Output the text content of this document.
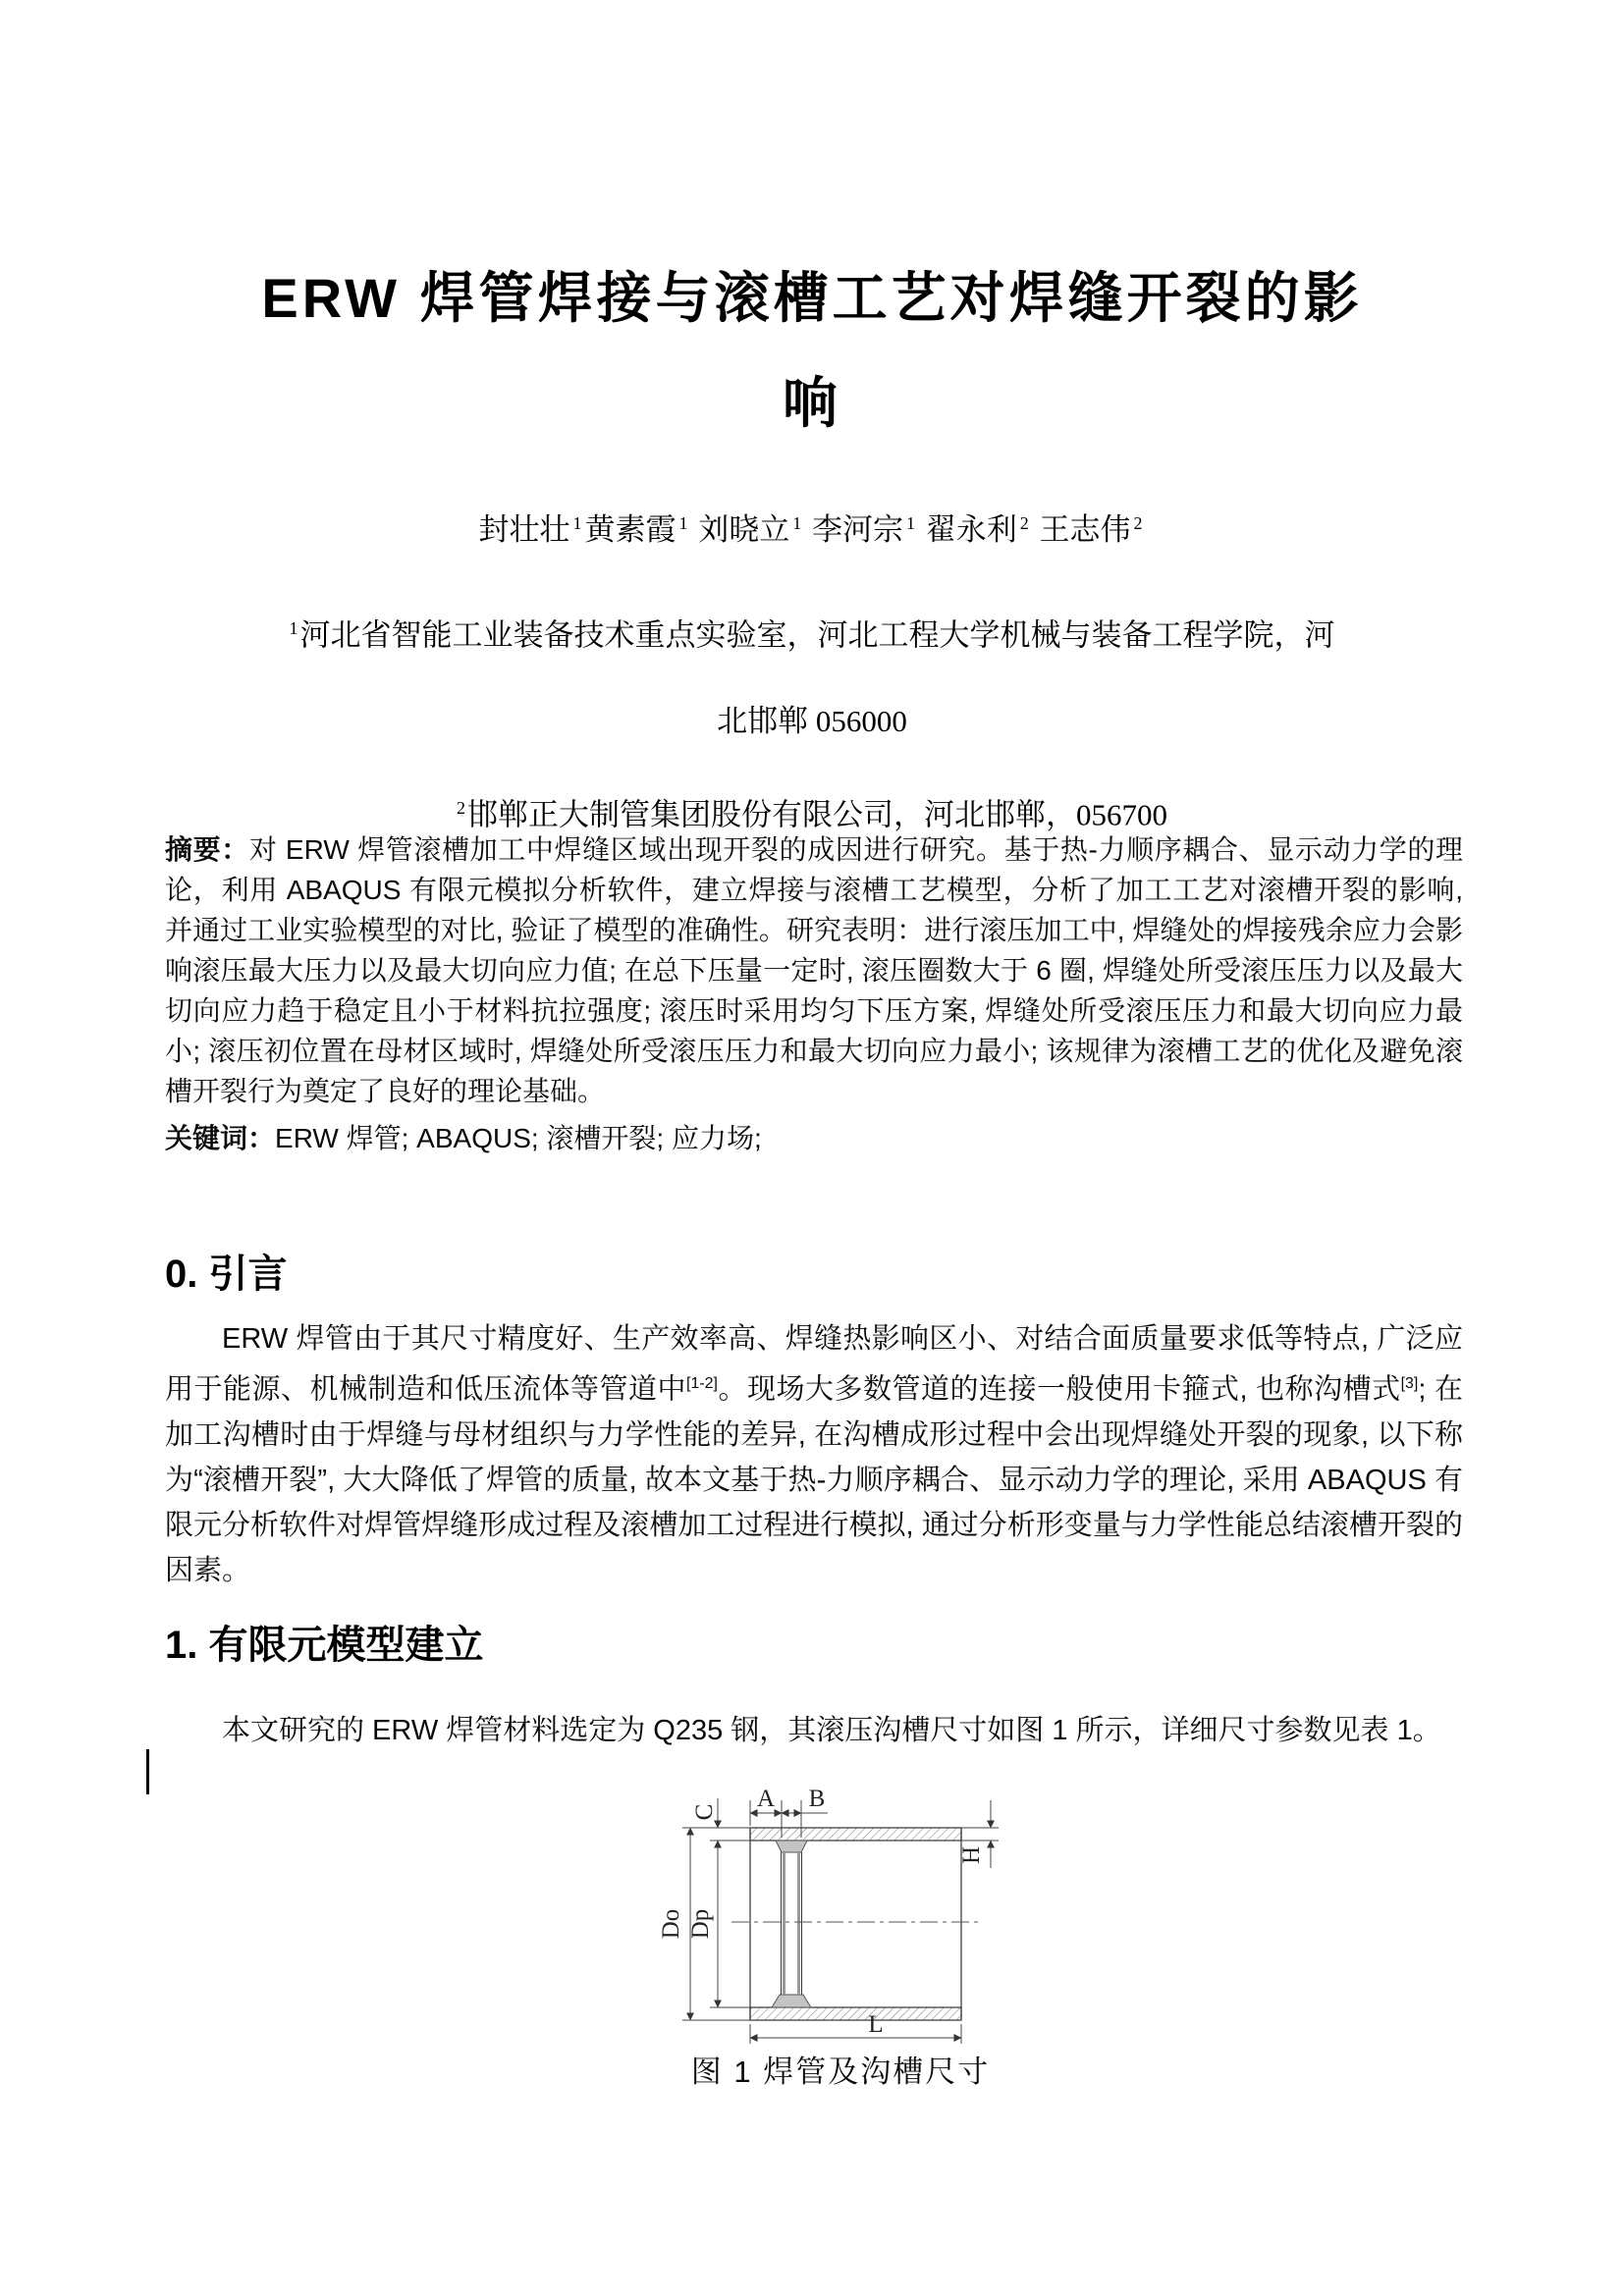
ERW 焊管焊接与滚槽工艺对焊缝开裂的影
响
封壮壮 $^1$黄素霞 $^1$ 刘晓立 $^1$ 李河宗 $^1$ 翟永利 $^2$ 王志伟 $^2$
$^1$河北省智能工业装备技术重点实验室，河北工程大学机械与装备工程学院，河
北邯郸 056000
$^2$邯郸正大制管集团股份有限公司，河北邯郸，056700
摘要：对 ERW 焊管滚槽加工中焊缝区域出现开裂的成因进行研究。基于热-力顺序耦合、显示动力学的理论，利用 ABAQUS 有限元模拟分析软件，建立焊接与滚槽工艺模型，分析了加工工艺对滚槽开裂的影响, 并通过工业实验模型的对比, 验证了模型的准确性。研究表明：进行滚压加工中, 焊缝处的焊接残余应力会影响滚压最大压力以及最大切向应力值; 在总下压量一定时, 滚压圈数大于 6 圈, 焊缝处所受滚压压力以及最大切向应力趋于稳定且小于材料抗拉强度; 滚压时采用均匀下压方案, 焊缝处所受滚压压力和最大切向应力最小; 滚压初位置在母材区域时, 焊缝处所受滚压压力和最大切向应力最小; 该规律为滚槽工艺的优化及避免滚槽开裂行为奠定了良好的理论基础。
关键词：ERW 焊管; ABAQUS; 滚槽开裂; 应力场;
0. 引言
ERW 焊管由于其尺寸精度好、生产效率高、焊缝热影响区小、对结合面质量要求低等特点, 广泛应用于能源、机械制造和低压流体等管道中[1-2]。现场大多数管道的连接一般使用卡箍式, 也称沟槽式[3]; 在加工沟槽时由于焊缝与母材组织与力学性能的差异, 在沟槽成形过程中会出现焊缝处开裂的现象, 以下称为“滚槽开裂”, 大大降低了焊管的质量, 故本文基于热-力顺序耦合、显示动力学的理论, 采用 ABAQUS 有限元分析软件对焊管焊缝形成过程及滚槽加工过程进行模拟, 通过分析形变量与力学性能总结滚槽开裂的因素。
1. 有限元模型建立
本文研究的 ERW 焊管材料选定为 Q235 钢，其滚压沟槽尺寸如图 1 所示，详细尺寸参数见表 1。
A B
C
Do Dp
H
L
图 1 焊管及沟槽尺寸
